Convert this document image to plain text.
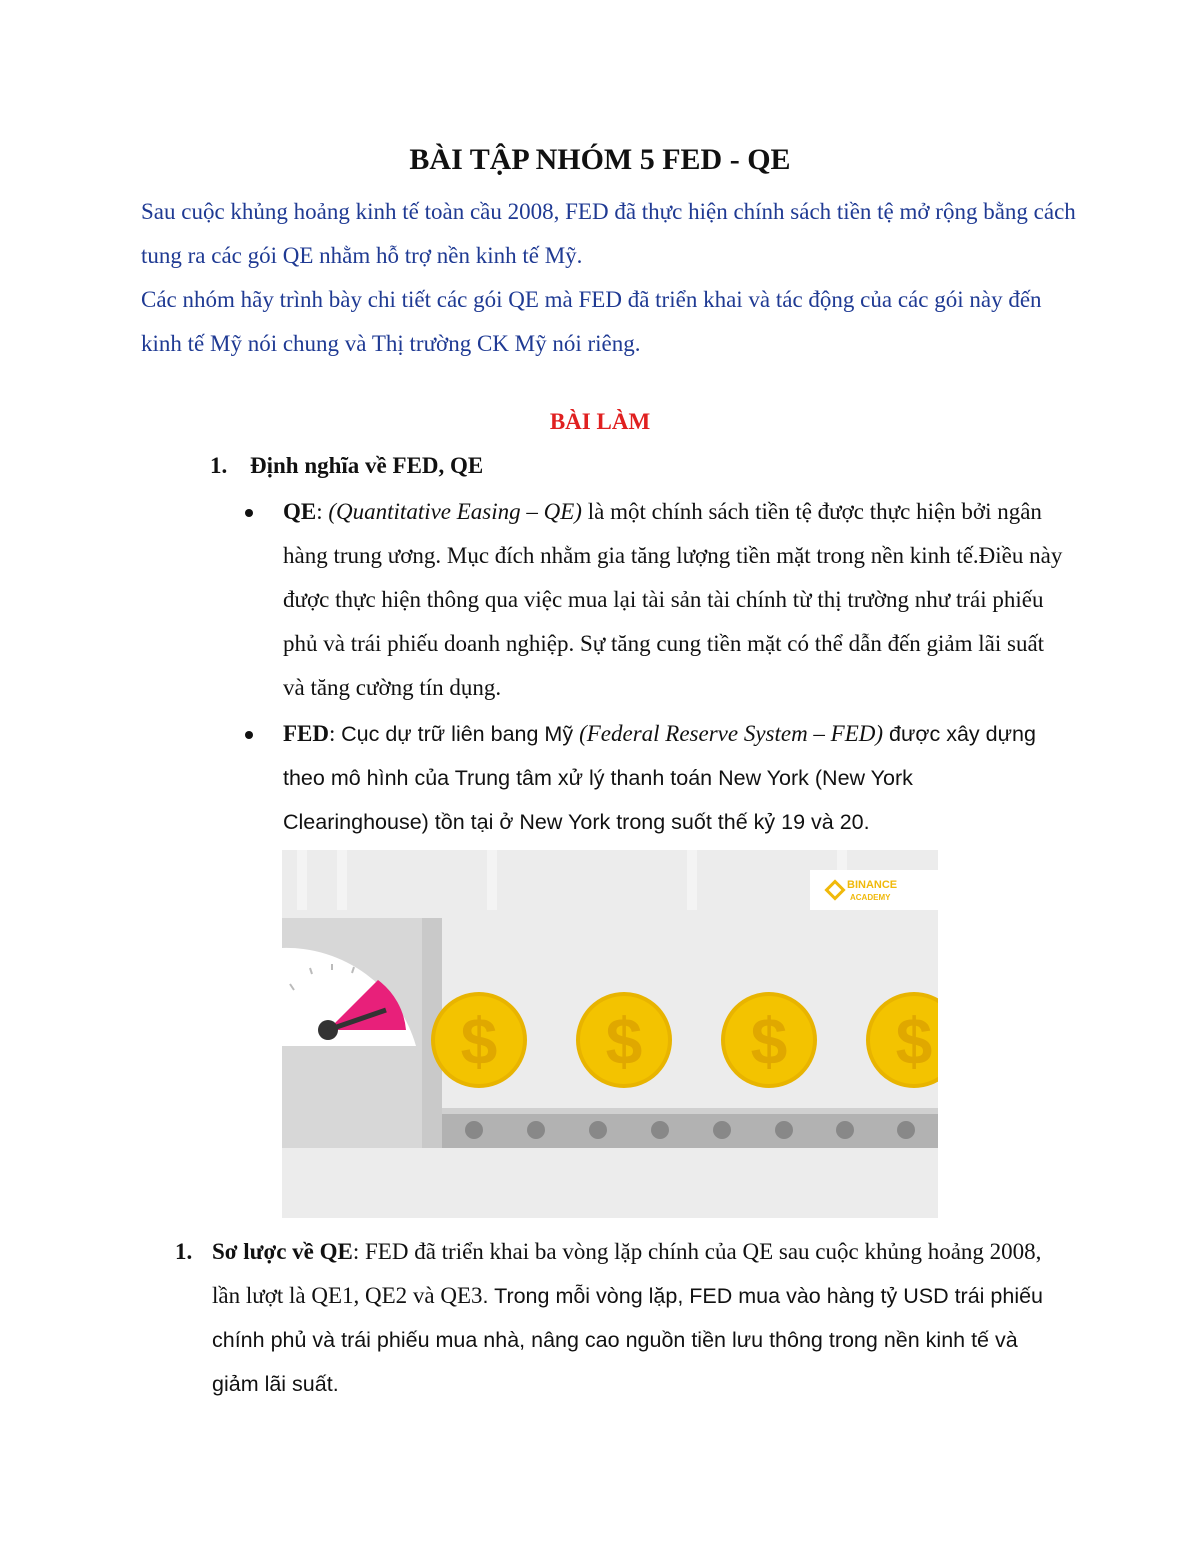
BÀI TẬP NHÓM 5 FED - QE

Sau cuộc khủng hoảng kinh tế toàn cầu 2008, FED đã thực hiện chính sách tiền tệ mở rộng bằng cách tung ra các gói QE nhằm hỗ trợ nền kinh tế Mỹ.

Các nhóm hãy trình bày chi tiết các gói QE mà FED đã triển khai và tác động của các gói này đến kinh tế Mỹ nói chung và Thị trường CK Mỹ nói riêng.

BÀI LÀM
1. Định nghĩa về FED, QE
QE: (Quantitative Easing – QE) là một chính sách tiền tệ được thực hiện bởi ngân hàng trung ương. Mục đích nhằm gia tăng lượng tiền mặt trong nền kinh tế.Điều này được thực hiện thông qua việc mua lại tài sản tài chính từ thị trường như trái phiếu phủ và trái phiếu doanh nghiệp. Sự tăng cung tiền mặt có thể dẫn đến giảm lãi suất và tăng cường tín dụng.
FED: Cục dự trữ liên bang Mỹ (Federal Reserve System – FED) được xây dựng theo mô hình của Trung tâm xử lý thanh toán New York (New York Clearinghouse) tồn tại ở New York trong suốt thế kỷ 19 và 20.
BINANCE
ACADEMY
$ $ $ $
1. Sơ lược về QE: FED đã triển khai ba vòng lặp chính của QE sau cuộc khủng hoảng 2008, lần lượt là QE1, QE2 và QE3. Trong mỗi vòng lặp, FED mua vào hàng tỷ USD trái phiếu chính phủ và trái phiếu mua nhà, nâng cao nguồn tiền lưu thông trong nền kinh tế và giảm lãi suất.
